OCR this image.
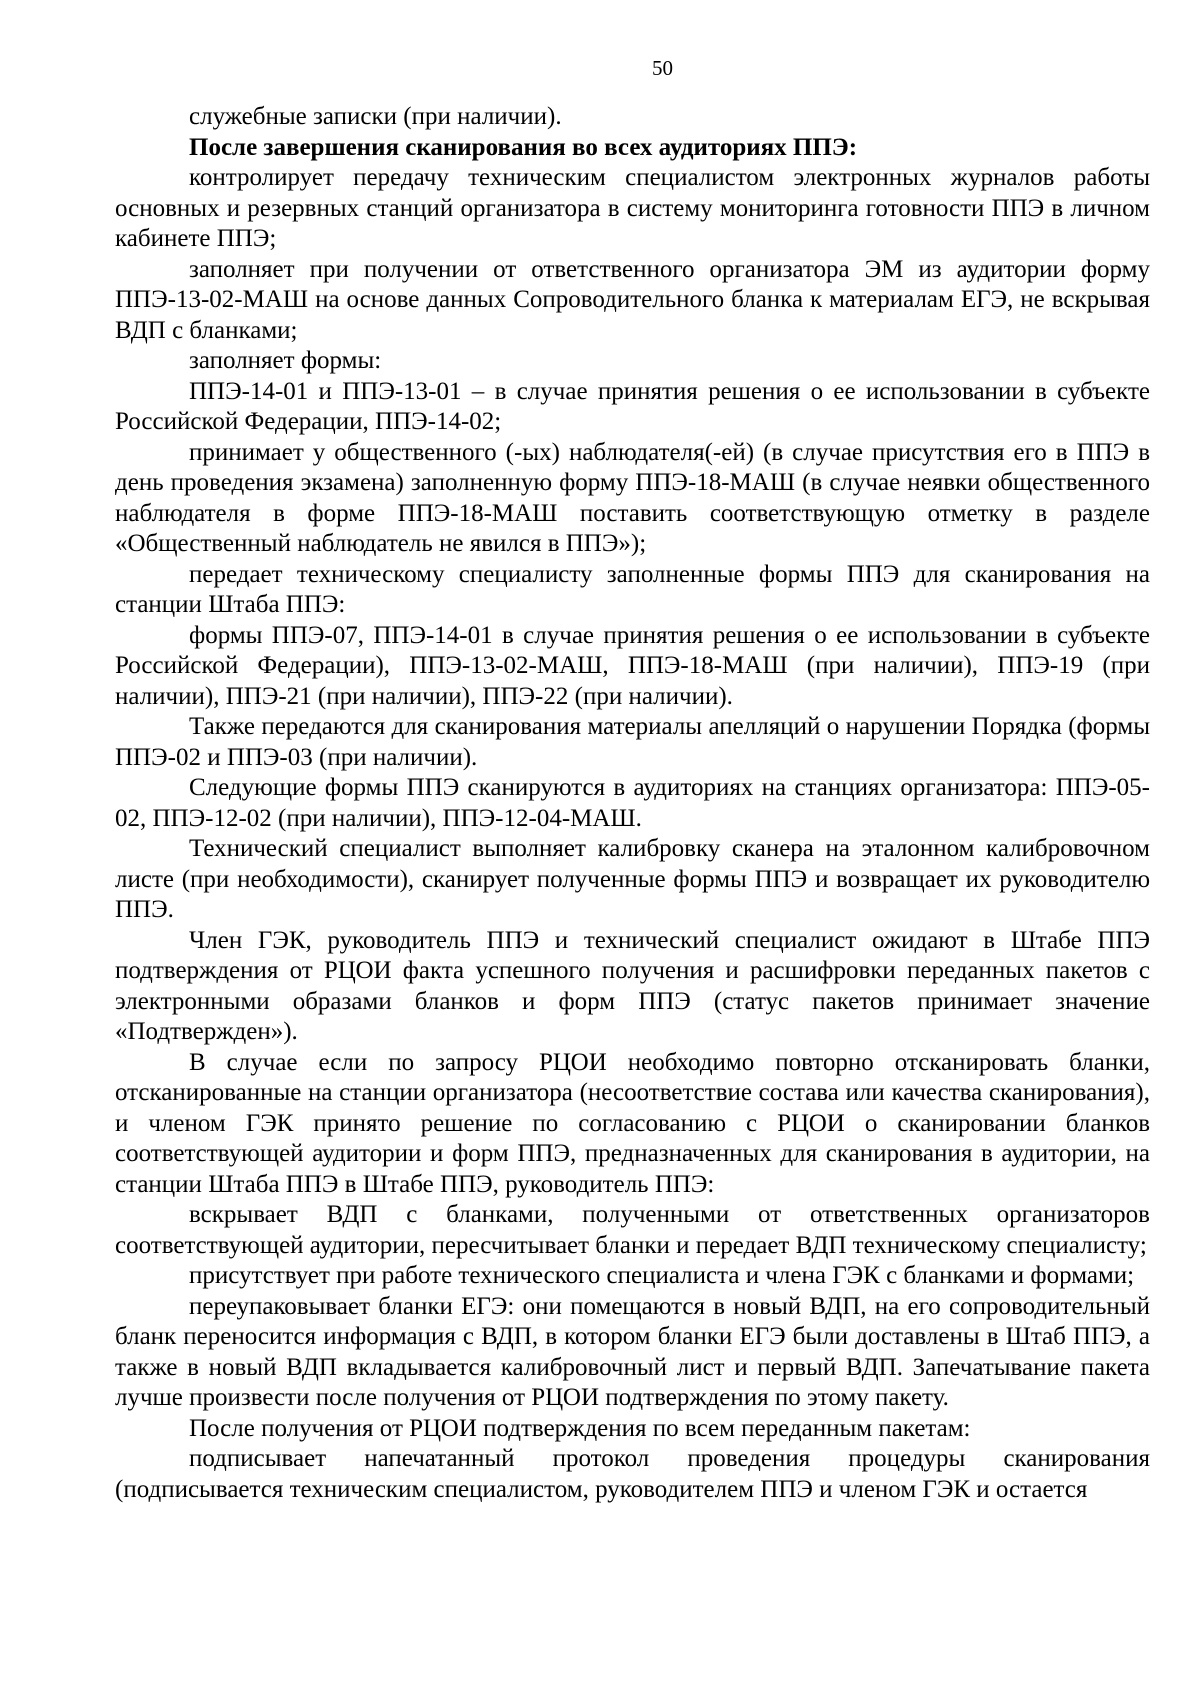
50

служебные записки (при наличии).

После завершения сканирования во всех аудиториях ППЭ:

контролирует передачу техническим специалистом электронных журналов работы основных и резервных станций организатора в систему мониторинга готовности ППЭ в личном кабинете ППЭ;

заполняет при получении от ответственного организатора ЭМ из аудитории форму ППЭ-13-02-МАШ на основе данных Сопроводительного бланка к материалам ЕГЭ, не вскрывая ВДП с бланками;

заполняет формы:

ППЭ-14-01 и ППЭ-13-01 – в случае принятия решения о ее использовании в субъекте Российской Федерации, ППЭ-14-02;

принимает у общественного (-ых) наблюдателя(-ей) (в случае присутствия его в ППЭ в день проведения экзамена) заполненную форму ППЭ-18-МАШ (в случае неявки общественного наблюдателя в форме ППЭ-18-МАШ поставить соответствующую отметку в разделе «Общественный наблюдатель не явился в ППЭ»);

передает техническому специалисту заполненные формы ППЭ для сканирования на станции Штаба ППЭ:

формы ППЭ-07, ППЭ-14-01 в случае принятия решения о ее использовании в субъекте Российской Федерации), ППЭ-13-02-МАШ, ППЭ-18-МАШ (при наличии), ППЭ-19 (при наличии), ППЭ-21 (при наличии), ППЭ-22 (при наличии).

Также передаются для сканирования материалы апелляций о нарушении Порядка (формы ППЭ-02 и ППЭ-03 (при наличии).

Следующие формы ППЭ сканируются в аудиториях на станциях организатора: ППЭ-05-02, ППЭ-12-02 (при наличии), ППЭ-12-04-МАШ.

Технический специалист выполняет калибровку сканера на эталонном калибровочном листе (при необходимости), сканирует полученные формы ППЭ и возвращает их руководителю ППЭ.

Член ГЭК, руководитель ППЭ и технический специалист ожидают в Штабе ППЭ подтверждения от РЦОИ факта успешного получения и расшифровки переданных пакетов с электронными образами бланков и форм ППЭ (статус пакетов принимает значение «Подтвержден»).

В случае если по запросу РЦОИ необходимо повторно отсканировать бланки, отсканированные на станции организатора (несоответствие состава или качества сканирования), и членом ГЭК принято решение по согласованию с РЦОИ о сканировании бланков соответствующей аудитории и форм ППЭ, предназначенных для сканирования в аудитории, на станции Штаба ППЭ в Штабе ППЭ, руководитель ППЭ:

вскрывает ВДП с бланками, полученными от ответственных организаторов соответствующей аудитории, пересчитывает бланки и передает ВДП техническому специалисту;

присутствует при работе технического специалиста и члена ГЭК с бланками и формами;

переупаковывает бланки ЕГЭ: они помещаются в новый ВДП, на его сопроводительный бланк переносится информация с ВДП, в котором бланки ЕГЭ были доставлены в Штаб ППЭ, а также в новый ВДП вкладывается калибровочный лист и первый ВДП. Запечатывание пакета лучше произвести после получения от РЦОИ подтверждения по этому пакету.

После получения от РЦОИ подтверждения по всем переданным пакетам:

подписывает напечатанный протокол проведения процедуры сканирования (подписывается техническим специалистом, руководителем ППЭ и членом ГЭК и остается
